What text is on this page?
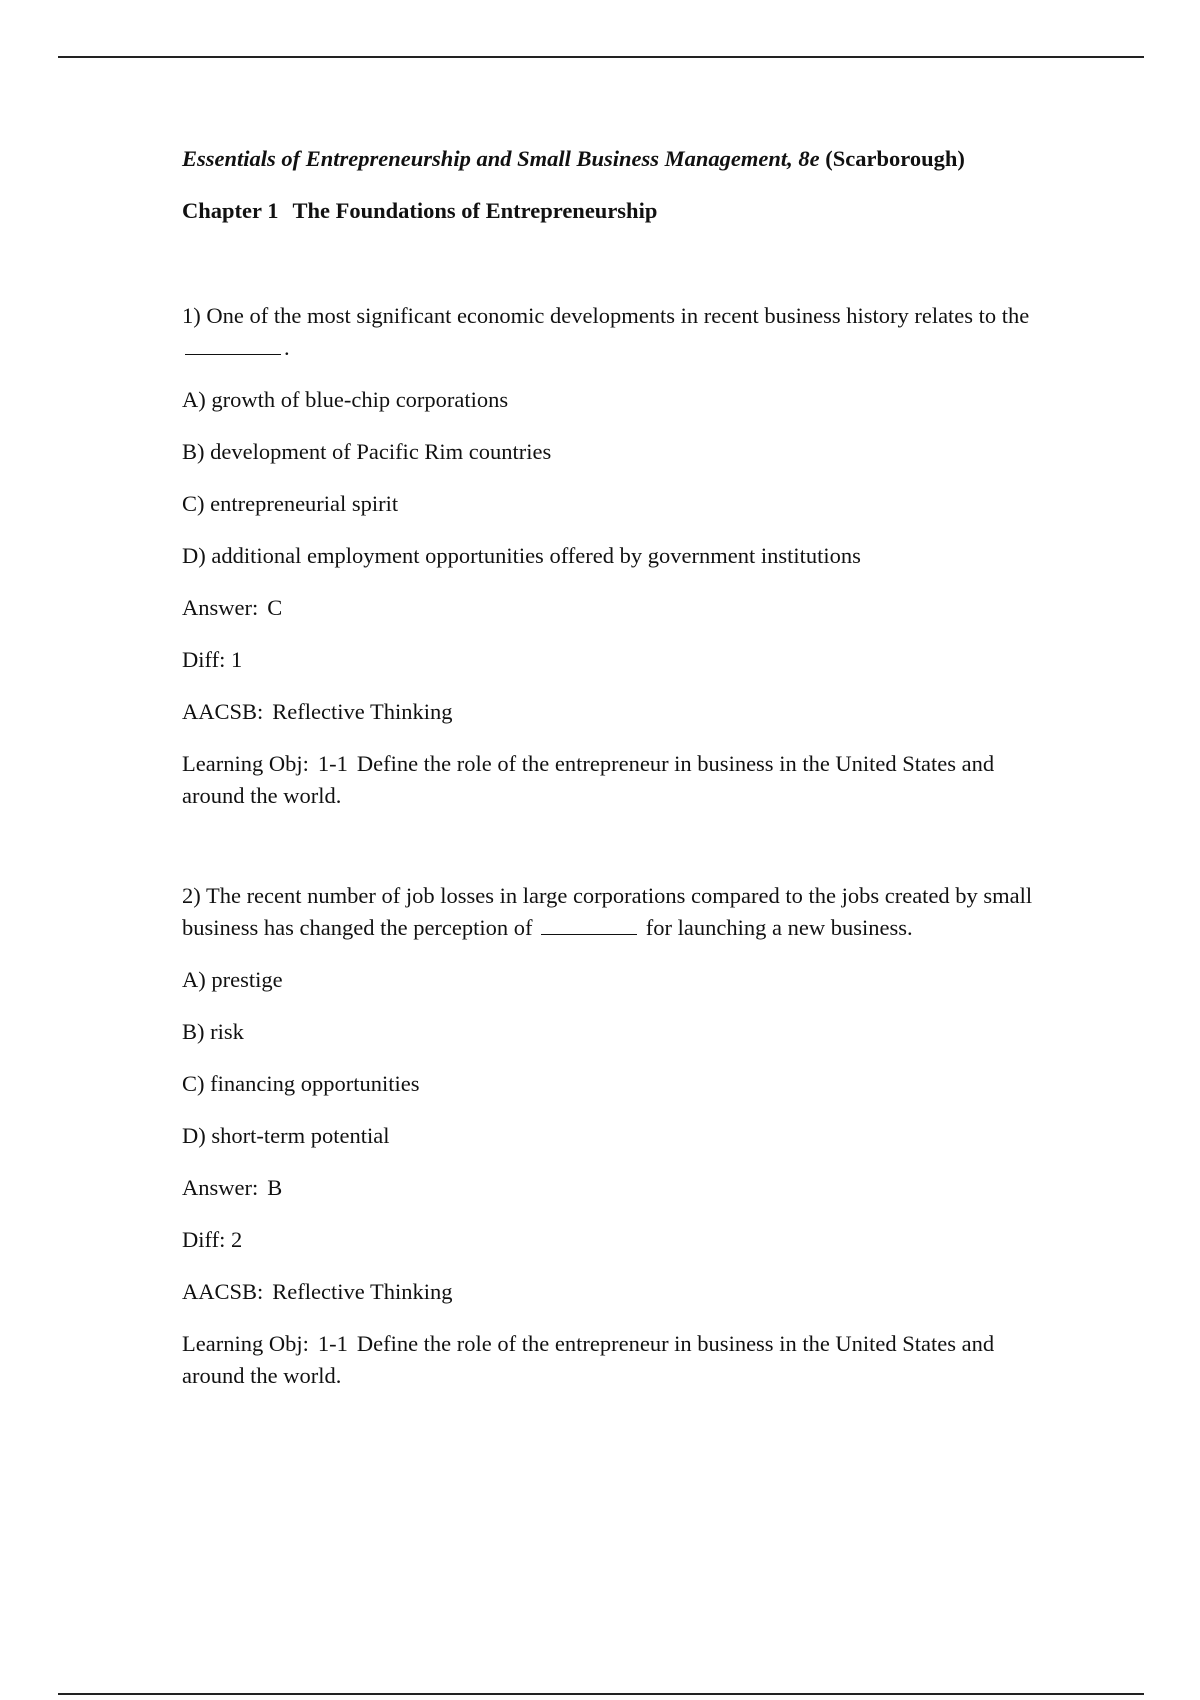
Essentials of Entrepreneurship and Small Business Management, 8e (Scarborough)

Chapter 1 The Foundations of Entrepreneurship

1) One of the most significant economic developments in recent business history relates to the .

A) growth of blue-chip corporations

B) development of Pacific Rim countries

C) entrepreneurial spirit

D) additional employment opportunities offered by government institutions

Answer: C

Diff: 1

AACSB: Reflective Thinking

Learning Obj: 1-1 Define the role of the entrepreneur in business in the United States and around the world.

2) The recent number of job losses in large corporations compared to the jobs created by small business has changed the perception of	for launching a new business.

A) prestige

B) risk

C) financing opportunities

D) short-term potential

Answer: B

Diff: 2

AACSB: Reflective Thinking

Learning Obj: 1-1 Define the role of the entrepreneur in business in the United States and around the world.
